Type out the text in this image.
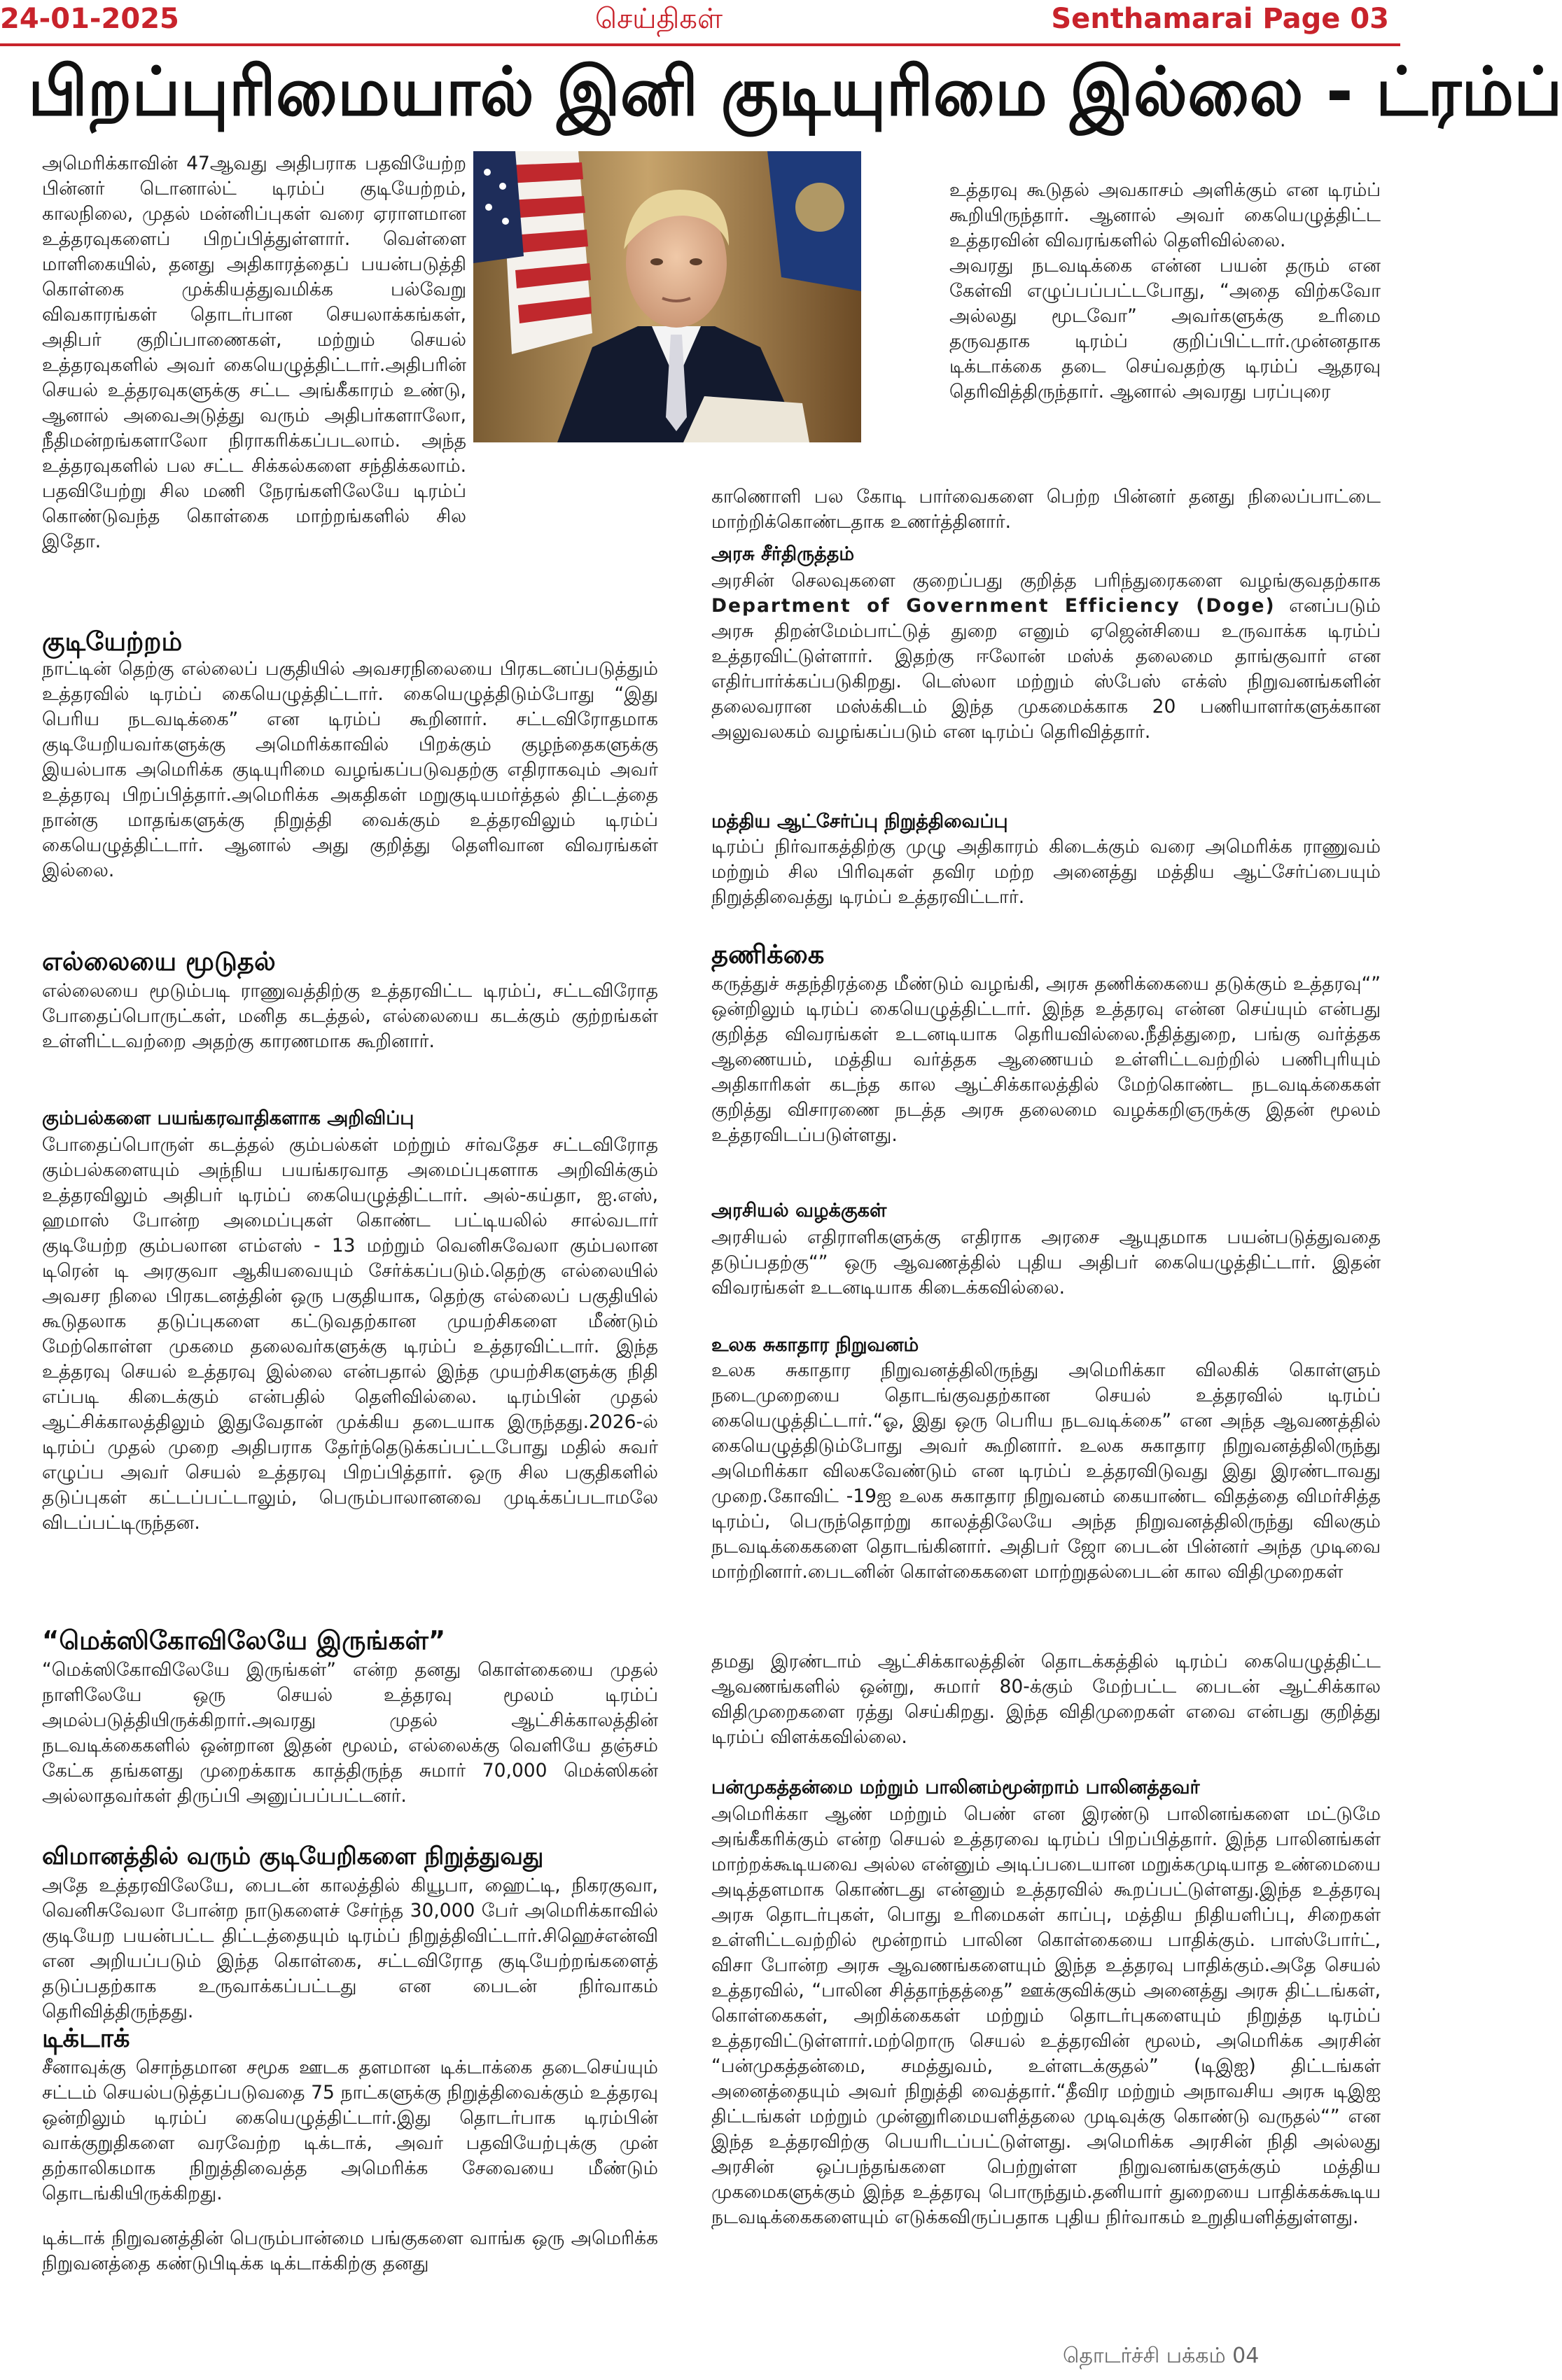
24-01-2025	செய்திகள்	Senthamarai Page 03
பிறப்புரிமையால் இனி குடியுரிமை இல்லை - ட்ரம்ப்

அமெரிக்காவின் 47ஆவது அதிபராக பதவியேற்ற பின்னர் டொனால்ட் டிரம்ப் குடியேற்றம், காலநிலை, முதல் மன்னிப்புகள் வரை ஏராளமான உத்தரவுகளைப் பிறப்பித்துள்ளார். வெள்ளை மாளிகையில், தனது அதிகாரத்தைப் பயன்படுத்தி கொள்கை முக்கியத்துவமிக்க பல்வேறு விவகாரங்கள் தொடர்பான செயலாக்கங்கள், அதிபர் குறிப்பாணைகள், மற்றும் செயல் உத்தரவுகளில் அவர் கையெழுத்திட்டார்.அதிபரின் செயல் உத்தரவுகளுக்கு சட்ட அங்கீகாரம் உண்டு, ஆனால் அவைஅடுத்து வரும் அதிபர்களாலோ, நீதிமன்றங்களாலோ நிராகரிக்கப்படலாம். அந்த உத்தரவுகளில் பல சட்ட சிக்கல்களை சந்திக்கலாம். பதவியேற்று சில மணி நேரங்களிலேயே டிரம்ப் கொண்டுவந்த கொள்கை மாற்றங்களில் சில இதோ.

உத்தரவு கூடுதல் அவகாசம் அளிக்கும் என டிரம்ப் கூறியிருந்தார். ஆனால் அவர் கையெழுத்திட்ட உத்தரவின் விவரங்களில் தெளிவில்லை.

அவரது நடவடிக்கை என்ன பயன் தரும் என கேள்வி எழுப்பப்பட்டபோது, “அதை விற்கவோ அல்லது மூடவோ” அவர்களுக்கு உரிமை தருவதாக டிரம்ப் குறிப்பிட்டார்.முன்னதாக டிக்டாக்கை தடை செய்வதற்கு டிரம்ப் ஆதரவு தெரிவித்திருந்தார். ஆனால் அவரது பரப்புரை

காணொளி பல கோடி பார்வைகளை பெற்ற பின்னர் தனது நிலைப்பாட்டை மாற்றிக்கொண்டதாக உணர்த்தினார்.

குடியேற்றம்
நாட்டின் தெற்கு எல்லைப் பகுதியில் அவசரநிலையை பிரகடனப்படுத்தும் உத்தரவில் டிரம்ப் கையெழுத்திட்டார். கையெழுத்திடும்போது “இது பெரிய நடவடிக்கை” என டிரம்ப் கூறினார். சட்டவிரோதமாக குடியேறியவர்களுக்கு அமெரிக்காவில் பிறக்கும் குழந்தைகளுக்கு இயல்பாக அமெரிக்க குடியுரிமை வழங்கப்படுவதற்கு எதிராகவும் அவர் உத்தரவு பிறப்பித்தார்.அமெரிக்க அகதிகள் மறுகுடியமர்த்தல் திட்டத்தை நான்கு மாதங்களுக்கு நிறுத்தி வைக்கும் உத்தரவிலும் டிரம்ப் கையெழுத்திட்டார். ஆனால் அது குறித்து தெளிவான விவரங்கள் இல்லை.
எல்லையை மூடுதல்
எல்லையை மூடும்படி ராணுவத்திற்கு உத்தரவிட்ட டிரம்ப், சட்டவிரோத போதைப்பொருட்கள், மனித கடத்தல், எல்லையை கடக்கும் குற்றங்கள் உள்ளிட்டவற்றை அதற்கு காரணமாக கூறினார்.
கும்பல்களை பயங்கரவாதிகளாக அறிவிப்பு
போதைப்பொருள் கடத்தல் கும்பல்கள் மற்றும் சர்வதேச சட்டவிரோத கும்பல்களையும் அந்நிய பயங்கரவாத அமைப்புகளாக அறிவிக்கும் உத்தரவிலும் அதிபர் டிரம்ப் கையெழுத்திட்டார். அல்-கய்தா, ஐ.எஸ், ஹமாஸ் போன்ற அமைப்புகள் கொண்ட பட்டியலில் சால்வடார் குடியேற்ற கும்பலான எம்எஸ் - 13 மற்றும் வெனிசுவேலா கும்பலான டிரென் டி அரகுவா ஆகியவையும் சேர்க்கப்படும்.தெற்கு எல்லையில் அவசர நிலை பிரகடனத்தின் ஒரு பகுதியாக, தெற்கு எல்லைப் பகுதியில் கூடுதலாக தடுப்புகளை கட்டுவதற்கான முயற்சிகளை மீண்டும் மேற்கொள்ள முகமை தலைவர்களுக்கு டிரம்ப் உத்தரவிட்டார். இந்த உத்தரவு செயல் உத்தரவு இல்லை என்பதால் இந்த முயற்சிகளுக்கு நிதி எப்படி கிடைக்கும் என்பதில் தெளிவில்லை. டிரம்பின் முதல் ஆட்சிக்காலத்திலும் இதுவேதான் முக்கிய தடையாக இருந்தது.2026-ல் டிரம்ப் முதல் முறை அதிபராக தேர்ந்தெடுக்கப்பட்டபோது மதில் சுவர் எழுப்ப அவர் செயல் உத்தரவு பிறப்பித்தார். ஒரு சில பகுதிகளில் தடுப்புகள் கட்டப்பட்டாலும், பெரும்பாலானவை முடிக்கப்படாமலே விடப்பட்டிருந்தன.
“மெக்ஸிகோவிலேயே இருங்கள்”
“மெக்ஸிகோவிலேயே இருங்கள்” என்ற தனது கொள்கையை முதல் நாளிலேயே ஒரு செயல் உத்தரவு மூலம் டிரம்ப் அமல்படுத்தியிருக்கிறார்.அவரது முதல் ஆட்சிக்காலத்தின் நடவடிக்கைகளில் ஒன்றான இதன் மூலம், எல்லைக்கு வெளியே தஞ்சம் கேட்க தங்களது முறைக்காக காத்திருந்த சுமார் 70,000 மெக்ஸிகன் அல்லாதவர்கள் திருப்பி அனுப்பப்பட்டனர்.
விமானத்தில் வரும் குடியேறிகளை நிறுத்துவது
அதே உத்தரவிலேயே, பைடன் காலத்தில் கியூபா, ஹைட்டி, நிகரகுவா, வெனிசுவேலா போன்ற நாடுகளைச் சேர்ந்த 30,000 பேர் அமெரிக்காவில் குடியேற பயன்பட்ட திட்டத்தையும் டிரம்ப் நிறுத்திவிட்டார்.சிஹெச்என்வி என அறியப்படும் இந்த கொள்கை, சட்டவிரோத குடியேற்றங்களைத் தடுப்பதற்காக உருவாக்கப்பட்டது என பைடன் நிர்வாகம் தெரிவித்திருந்தது.
டிக்டாக்
சீனாவுக்கு சொந்தமான சமூக ஊடக தளமான டிக்டாக்கை தடைசெய்யும் சட்டம் செயல்படுத்தப்படுவதை 75 நாட்களுக்கு நிறுத்திவைக்கும் உத்தரவு ஒன்றிலும் டிரம்ப் கையெழுத்திட்டார்.இது தொடர்பாக டிரம்பின் வாக்குறுதிகளை வரவேற்ற டிக்டாக், அவர் பதவியேற்புக்கு முன் தற்காலிகமாக நிறுத்திவைத்த அமெரிக்க சேவையை மீண்டும் தொடங்கியிருக்கிறது.
டிக்டாக் நிறுவனத்தின் பெரும்பான்மை பங்குகளை வாங்க ஒரு அமெரிக்க நிறுவனத்தை கண்டுபிடிக்க டிக்டாக்கிற்கு தனது
அரசு சீர்திருத்தம்
அரசின் செலவுகளை குறைப்பது குறித்த பரிந்துரைகளை வழங்குவதற்காக Department of Government Efficiency (Doge) எனப்படும் அரசு திறன்மேம்பாட்டுத் துறை எனும் ஏஜென்சியை உருவாக்க டிரம்ப் உத்தரவிட்டுள்ளார். இதற்கு ஈலோன் மஸ்க் தலைமை தாங்குவார் என எதிர்பார்க்கப்படுகிறது. டெஸ்லா மற்றும் ஸ்பேஸ் எக்ஸ் நிறுவனங்களின் தலைவரான மஸ்க்கிடம் இந்த முகமைக்காக 20 பணியாளர்களுக்கான அலுவலகம் வழங்கப்படும் என டிரம்ப் தெரிவித்தார்.
மத்திய ஆட்சேர்ப்பு நிறுத்திவைப்பு
டிரம்ப் நிர்வாகத்திற்கு முழு அதிகாரம் கிடைக்கும் வரை அமெரிக்க ராணுவம் மற்றும் சில பிரிவுகள் தவிர மற்ற அனைத்து மத்திய ஆட்சேர்ப்பையும் நிறுத்திவைத்து டிரம்ப் உத்தரவிட்டார்.
தணிக்கை
கருத்துச் சுதந்திரத்தை மீண்டும் வழங்கி, அரசு தணிக்கையை தடுக்கும் உத்தரவு“” ஒன்றிலும் டிரம்ப் கையெழுத்திட்டார். இந்த உத்தரவு என்ன செய்யும் என்பது குறித்த விவரங்கள் உடனடியாக தெரியவில்லை.நீதித்துறை, பங்கு வர்த்தக ஆணையம், மத்திய வர்த்தக ஆணையம் உள்ளிட்டவற்றில் பணிபுரியும் அதிகாரிகள் கடந்த கால ஆட்சிக்காலத்தில் மேற்கொண்ட நடவடிக்கைகள் குறித்து விசாரணை நடத்த அரசு தலைமை வழக்கறிஞருக்கு இதன் மூலம் உத்தரவிடப்படுள்ளது.
அரசியல் வழக்குகள்
அரசியல் எதிராளிகளுக்கு எதிராக அரசை ஆயுதமாக பயன்படுத்துவதை தடுப்பதற்கு“” ஒரு ஆவணத்தில் புதிய அதிபர் கையெழுத்திட்டார். இதன் விவரங்கள் உடனடியாக கிடைக்கவில்லை.
உலக சுகாதார நிறுவனம்
உலக சுகாதார நிறுவனத்திலிருந்து அமெரிக்கா விலகிக் கொள்ளும் நடைமுறையை தொடங்குவதற்கான செயல் உத்தரவில் டிரம்ப் கையெழுத்திட்டார்.“ஓ, இது ஒரு பெரிய நடவடிக்கை” என அந்த ஆவணத்தில் கையெழுத்திடும்போது அவர் கூறினார். உலக சுகாதார நிறுவனத்திலிருந்து அமெரிக்கா விலகவேண்டும் என டிரம்ப் உத்தரவிடுவது இது இரண்டாவது முறை.கோவிட் -19ஐ உலக சுகாதார நிறுவனம் கையாண்ட விதத்தை விமர்சித்த டிரம்ப், பெருந்தொற்று காலத்திலேயே அந்த நிறுவனத்திலிருந்து விலகும் நடவடிக்கைகளை தொடங்கினார். அதிபர் ஜோ பைடன் பின்னர் அந்த முடிவை மாற்றினார்.பைடனின் கொள்கைகளை மாற்றுதல்பைடன் கால விதிமுறைகள்
தமது இரண்டாம் ஆட்சிக்காலத்தின் தொடக்கத்தில் டிரம்ப் கையெழுத்திட்ட ஆவணங்களில் ஒன்று, சுமார் 80-க்கும் மேற்பட்ட பைடன் ஆட்சிக்கால விதிமுறைகளை ரத்து செய்கிறது. இந்த விதிமுறைகள் எவை என்பது குறித்து டிரம்ப் விளக்கவில்லை.
பன்முகத்தன்மை மற்றும் பாலினம்மூன்றாம் பாலினத்தவர்
அமெரிக்கா ஆண் மற்றும் பெண் என இரண்டு பாலினங்களை மட்டுமே அங்கீகரிக்கும் என்ற செயல் உத்தரவை டிரம்ப் பிறப்பித்தார். இந்த பாலினங்கள் மாற்றக்கூடியவை அல்ல என்னும் அடிப்படையான மறுக்கமுடியாத உண்மையை அடித்தளமாக கொண்டது என்னும் உத்தரவில் கூறப்பட்டுள்ளது.இந்த உத்தரவு அரசு தொடர்புகள், பொது உரிமைகள் காப்பு, மத்திய நிதியளிப்பு, சிறைகள் உள்ளிட்டவற்றில் மூன்றாம் பாலின கொள்கையை பாதிக்கும். பாஸ்போர்ட், விசா போன்ற அரசு ஆவணங்களையும் இந்த உத்தரவு பாதிக்கும்.அதே செயல் உத்தரவில், “பாலின சித்தாந்தத்தை” ஊக்குவிக்கும் அனைத்து அரசு திட்டங்கள், கொள்கைகள், அறிக்கைகள் மற்றும் தொடர்புகளையும் நிறுத்த டிரம்ப் உத்தரவிட்டுள்ளார்.மற்றொரு செயல் உத்தரவின் மூலம், அமெரிக்க அரசின் “பன்முகத்தன்மை, சமத்துவம், உள்ளடக்குதல்” (டிஇஐ) திட்டங்கள் அனைத்தையும் அவர் நிறுத்தி வைத்தார்.“தீவிர மற்றும் அநாவசிய அரசு டிஇஐ திட்டங்கள் மற்றும் முன்னுரிமையளித்தலை முடிவுக்கு கொண்டு வருதல்“” என இந்த உத்தரவிற்கு பெயரிடப்பட்டுள்ளது. அமெரிக்க அரசின் நிதி அல்லது அரசின் ஒப்பந்தங்களை பெற்றுள்ள நிறுவனங்களுக்கும் மத்திய முகமைகளுக்கும் இந்த உத்தரவு பொருந்தும்.தனியார் துறையை பாதிக்கக்கூடிய நடவடிக்கைகளையும் எடுக்கவிருப்பதாக புதிய நிர்வாகம் உறுதியளித்துள்ளது.
தொடர்ச்சி பக்கம் 04
